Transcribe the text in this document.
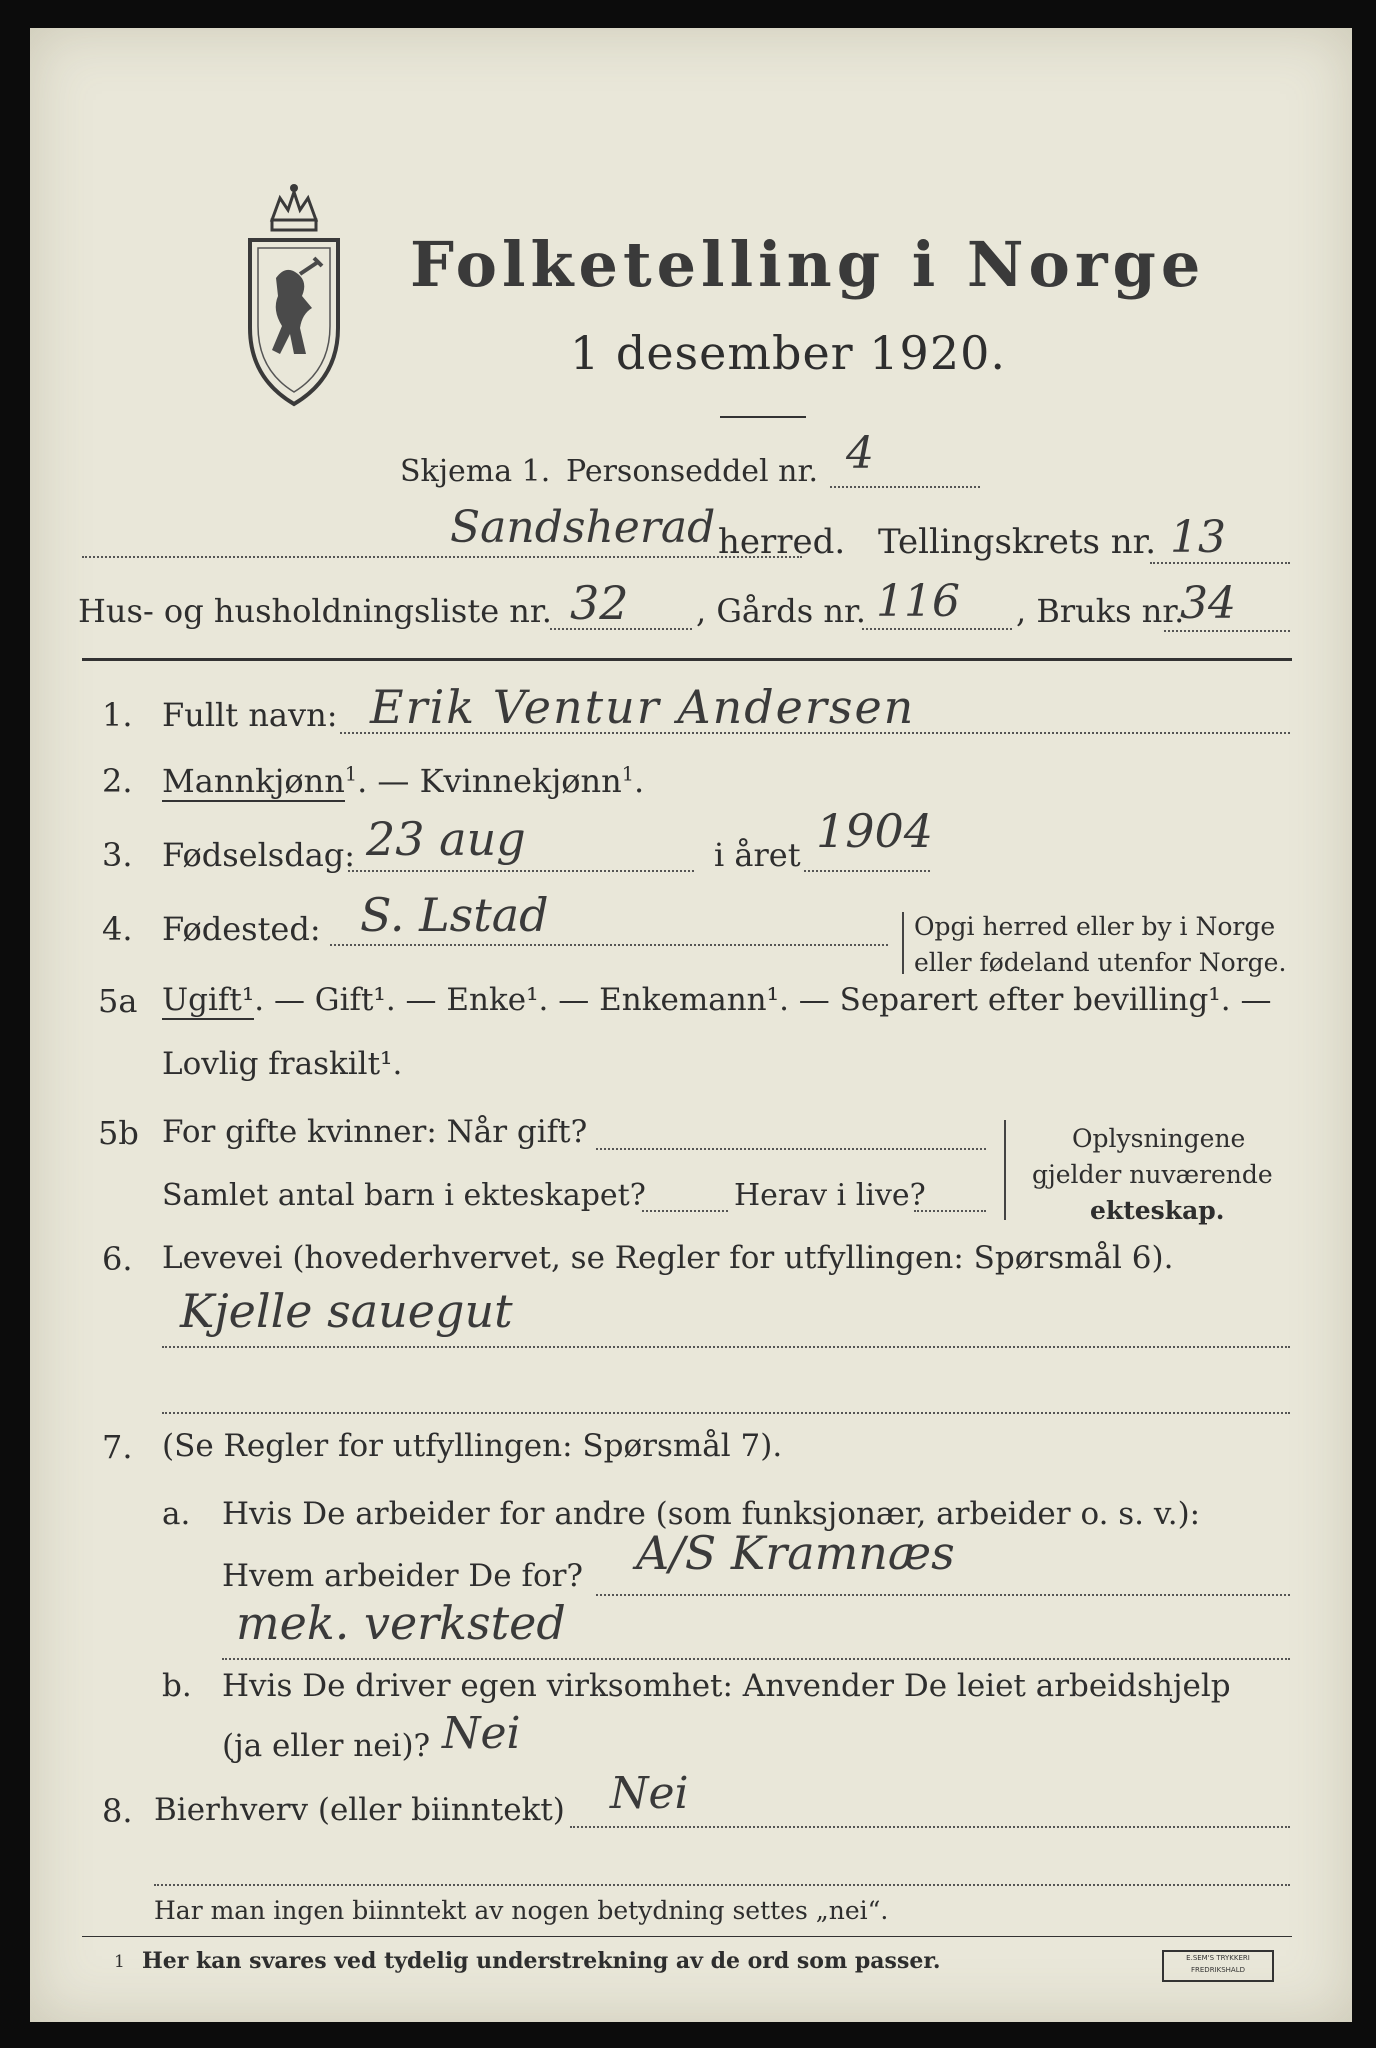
Folketelling i Norge
1 desember 1920.
Skjema 1. Personseddel nr. 4
Sandsherad herred. Tellingskrets nr. 13
Hus- og husholdningsliste nr. 32 , Gårds nr. 116 , Bruks nr.
34
1. Fullt navn: Erik Ventur Andersen
2. Mannkjønn$^1$. — Kvinnekjønn$^1$.
3. Fødselsdag: 23 aug	i året 1904
4. Fødested: S. Lstad	Opgi herred eller by i Norge
eller fødeland utenfor Norge.
5a Ugift¹. — Gift¹. — Enke¹. — Enkemann¹. — Separert efter bevilling¹. —
Lovlig fraskilt¹.
5b For gifte kvinner: Når gift?
Samlet antal barn i ekteskapet?	Herav i live?
Oplysningene
gjelder nuværende
ekteskap.
6. Levevei (hovederhvervet, se Regler for utfyllingen: Spørsmål 6).
Kjelle sauegut
7. (Se Regler for utfyllingen: Spørsmål 7).
a. Hvis De arbeider for andre (som funksjonær, arbeider o. s. v.):
Hvem arbeider De for? A/S Kramnæs
mek. verksted
b. Hvis De driver egen virksomhet: Anvender De leiet arbeidshjelp
(ja eller nei)? Nei
8. Bierhverv (eller biinntekt) Nei
Har man ingen biinntekt av nogen betydning settes „nei“.
1 Her kan svares ved tydelig understrekning av de ord som passer.	E.SEM'S TRYKKERI
FREDRIKSHALD
